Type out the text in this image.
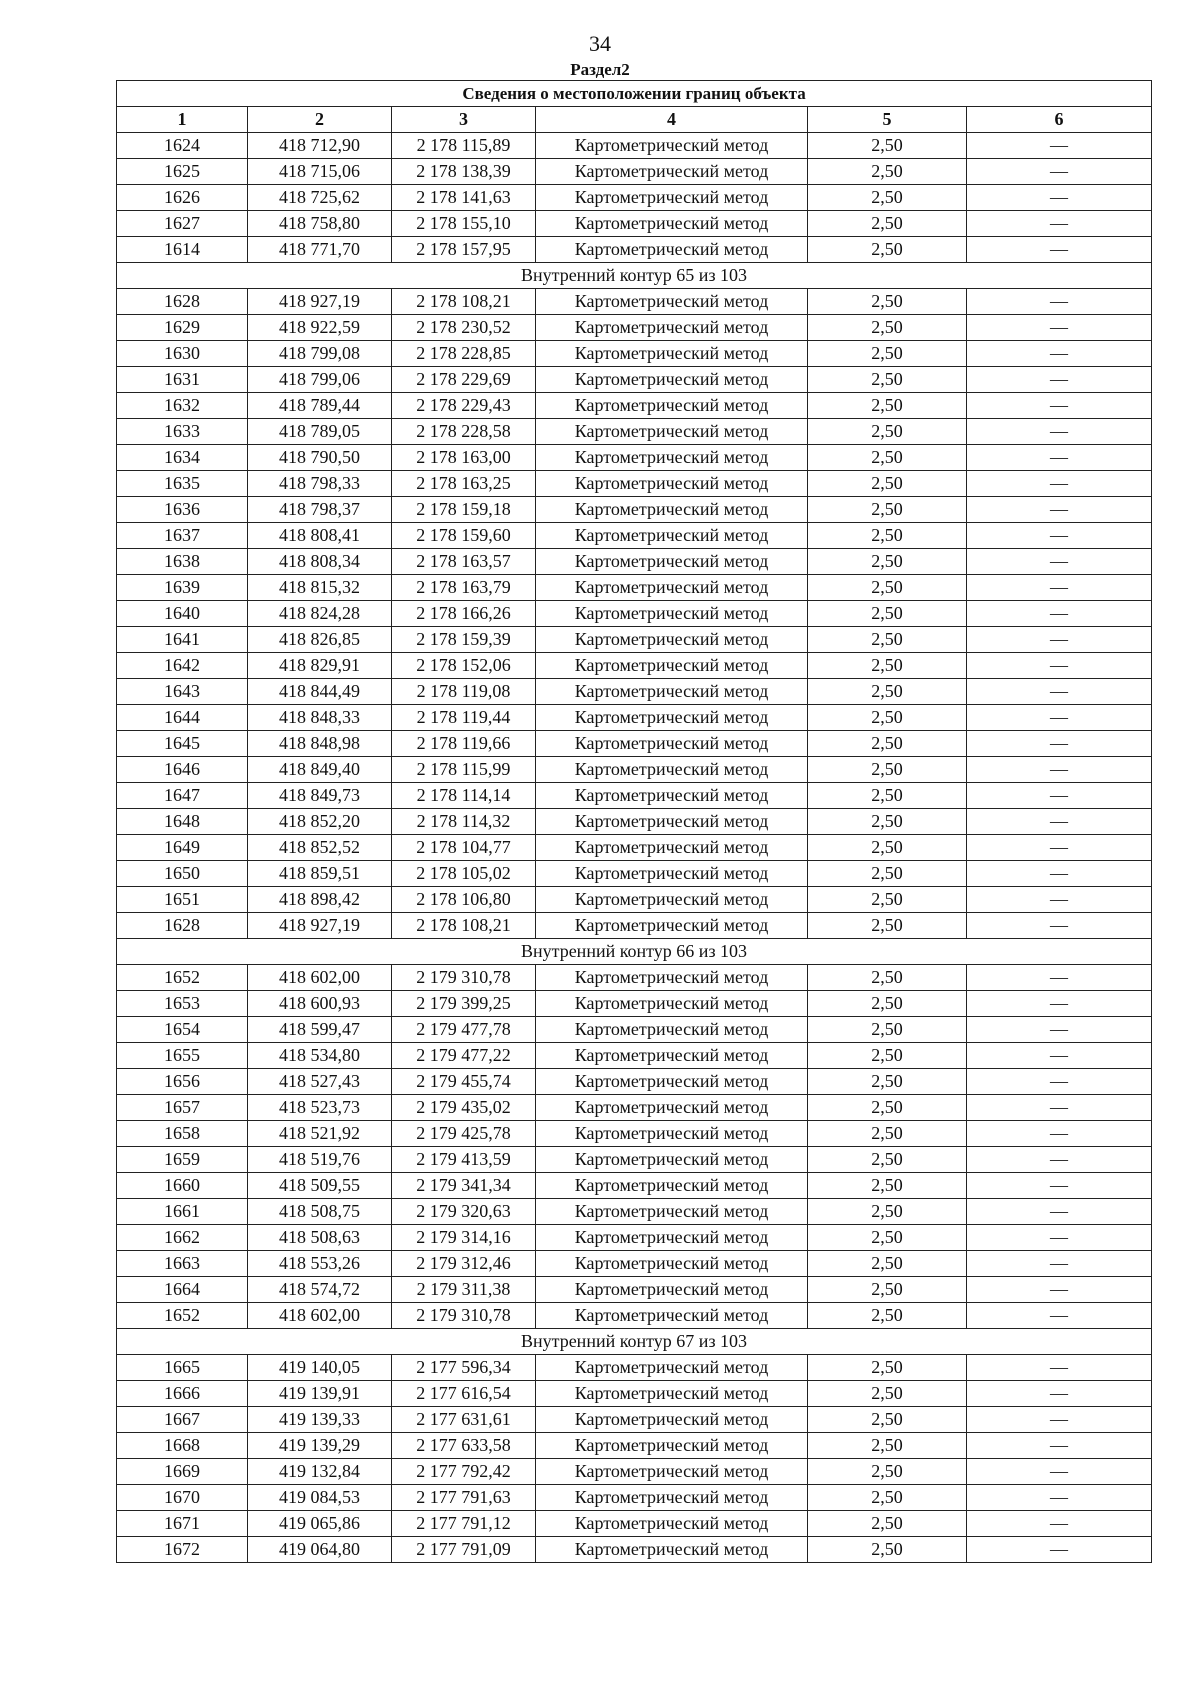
34
Раздел2
Сведения о местоположении границ объекта					
1	2	3	4	5	6
1624	418 712,90	2 178 115,89	Картометрический метод	2,50	—
1625	418 715,06	2 178 138,39	Картометрический метод	2,50	—
1626	418 725,62	2 178 141,63	Картометрический метод	2,50	—
1627	418 758,80	2 178 155,10	Картометрический метод	2,50	—
1614	418 771,70	2 178 157,95	Картометрический метод	2,50	—
Внутренний контур 65 из 103					
1628	418 927,19	2 178 108,21	Картометрический метод	2,50	—
1629	418 922,59	2 178 230,52	Картометрический метод	2,50	—
1630	418 799,08	2 178 228,85	Картометрический метод	2,50	—
1631	418 799,06	2 178 229,69	Картометрический метод	2,50	—
1632	418 789,44	2 178 229,43	Картометрический метод	2,50	—
1633	418 789,05	2 178 228,58	Картометрический метод	2,50	—
1634	418 790,50	2 178 163,00	Картометрический метод	2,50	—
1635	418 798,33	2 178 163,25	Картометрический метод	2,50	—
1636	418 798,37	2 178 159,18	Картометрический метод	2,50	—
1637	418 808,41	2 178 159,60	Картометрический метод	2,50	—
1638	418 808,34	2 178 163,57	Картометрический метод	2,50	—
1639	418 815,32	2 178 163,79	Картометрический метод	2,50	—
1640	418 824,28	2 178 166,26	Картометрический метод	2,50	—
1641	418 826,85	2 178 159,39	Картометрический метод	2,50	—
1642	418 829,91	2 178 152,06	Картометрический метод	2,50	—
1643	418 844,49	2 178 119,08	Картометрический метод	2,50	—
1644	418 848,33	2 178 119,44	Картометрический метод	2,50	—
1645	418 848,98	2 178 119,66	Картометрический метод	2,50	—
1646	418 849,40	2 178 115,99	Картометрический метод	2,50	—
1647	418 849,73	2 178 114,14	Картометрический метод	2,50	—
1648	418 852,20	2 178 114,32	Картометрический метод	2,50	—
1649	418 852,52	2 178 104,77	Картометрический метод	2,50	—
1650	418 859,51	2 178 105,02	Картометрический метод	2,50	—
1651	418 898,42	2 178 106,80	Картометрический метод	2,50	—
1628	418 927,19	2 178 108,21	Картометрический метод	2,50	—
Внутренний контур 66 из 103					
1652	418 602,00	2 179 310,78	Картометрический метод	2,50	—
1653	418 600,93	2 179 399,25	Картометрический метод	2,50	—
1654	418 599,47	2 179 477,78	Картометрический метод	2,50	—
1655	418 534,80	2 179 477,22	Картометрический метод	2,50	—
1656	418 527,43	2 179 455,74	Картометрический метод	2,50	—
1657	418 523,73	2 179 435,02	Картометрический метод	2,50	—
1658	418 521,92	2 179 425,78	Картометрический метод	2,50	—
1659	418 519,76	2 179 413,59	Картометрический метод	2,50	—
1660	418 509,55	2 179 341,34	Картометрический метод	2,50	—
1661	418 508,75	2 179 320,63	Картометрический метод	2,50	—
1662	418 508,63	2 179 314,16	Картометрический метод	2,50	—
1663	418 553,26	2 179 312,46	Картометрический метод	2,50	—
1664	418 574,72	2 179 311,38	Картометрический метод	2,50	—
1652	418 602,00	2 179 310,78	Картометрический метод	2,50	—
Внутренний контур 67 из 103					
1665	419 140,05	2 177 596,34	Картометрический метод	2,50	—
1666	419 139,91	2 177 616,54	Картометрический метод	2,50	—
1667	419 139,33	2 177 631,61	Картометрический метод	2,50	—
1668	419 139,29	2 177 633,58	Картометрический метод	2,50	—
1669	419 132,84	2 177 792,42	Картометрический метод	2,50	—
1670	419 084,53	2 177 791,63	Картометрический метод	2,50	—
1671	419 065,86	2 177 791,12	Картометрический метод	2,50	—
1672	419 064,80	2 177 791,09	Картометрический метод	2,50	—
